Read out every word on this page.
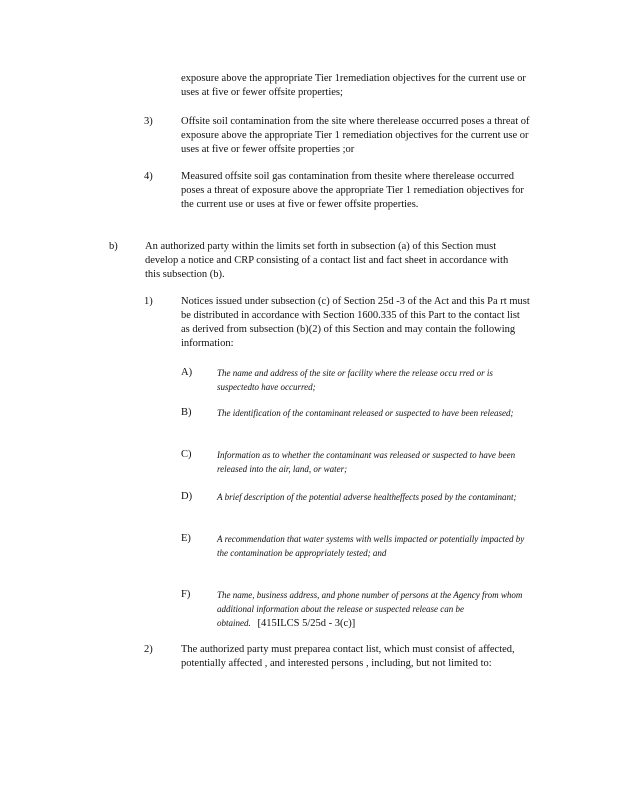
exposure above the appropriate Tier 1remediation objectives for the current use or uses at five or fewer offsite properties;

3)	Offsite soil contamination from the site where therelease occurred poses a threat of exposure above the appropriate Tier 1 remediation objectives for the current use or uses at five or fewer offsite properties ;or

4)	Measured offsite soil gas contamination from thesite where therelease occurred poses a threat of exposure above the appropriate Tier 1 remediation objectives for the current use or uses at five or fewer offsite properties.

b)	An authorized party within the limits set forth in subsection (a) of this Section must develop a notice and CRP consisting of a contact list and fact sheet in accordance with this subsection (b).

1)	Notices issued under subsection (c) of Section 25d -3 of the Act and this Pa rt must be distributed in accordance with Section 1600.335 of this Part to the contact list as derived from subsection (b)(2) of this Section and may contain the following information:

A)	The name and address of the site or facility where the release occu rred or is suspectedto have occurred;

B)	The identification of the contaminant released or suspected to have been released;

C)	Information as to whether the contaminant was released or suspected to have been released into the air, land, or water;

D)	A brief description of the potential adverse healtheffects posed by the contaminant;

E)	A recommendation that water systems with wells impacted or potentially impacted by the contamination be appropriately tested; and

F)	The name, business address, and phone number of persons at the Agency from whom additional information about the release or suspected release can be obtained. [415ILCS 5/25d - 3(c)]

2)	The authorized party must preparea contact list, which must consist of affected, potentially affected , and interested persons , including, but not limited to:
